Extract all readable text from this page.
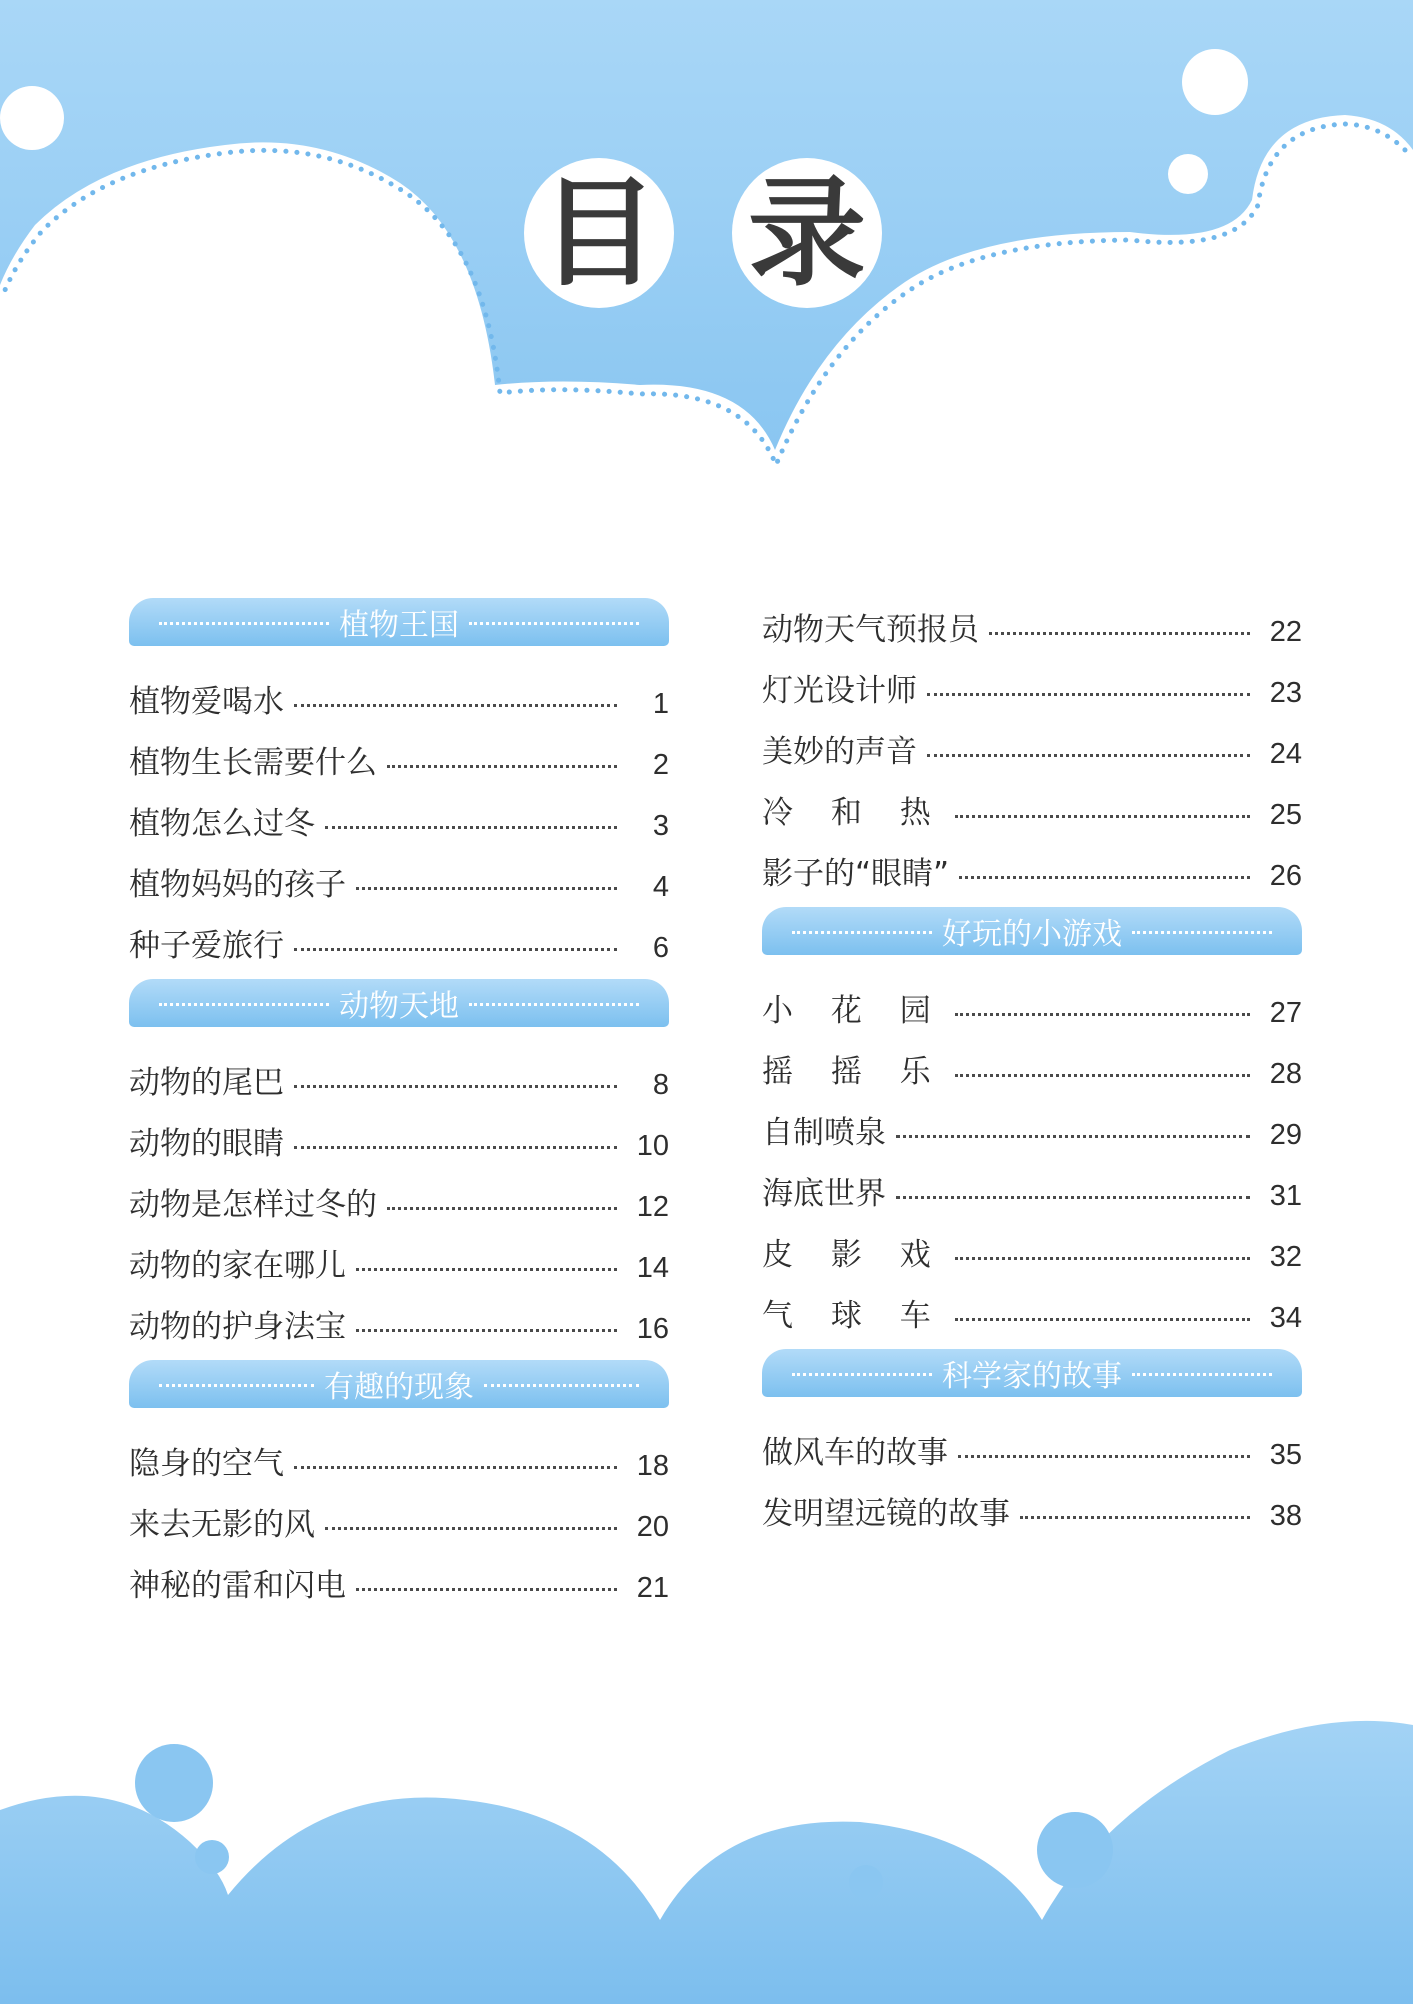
目 录
植物王国
植物爱喝水	1
植物生长需要什么	2
植物怎么过冬	3
植物妈妈的孩子	4
种子爱旅行	6
动物天地
动物的尾巴	8
动物的眼睛	10
动物是怎样过冬的	12
动物的家在哪儿	14
动物的护身法宝	16
有趣的现象
隐身的空气	18
来去无影的风	20
神秘的雷和闪电	21
动物天气预报员	22
灯光设计师	23
美妙的声音	24
冷 和 热	25
影子的“眼睛”	26
好玩的小游戏
小 花 园	27
摇 摇 乐	28
自制喷泉	29
海底世界	31
皮 影 戏	32
气 球 车	34
科学家的故事
做风车的故事	35
发明望远镜的故事	38
